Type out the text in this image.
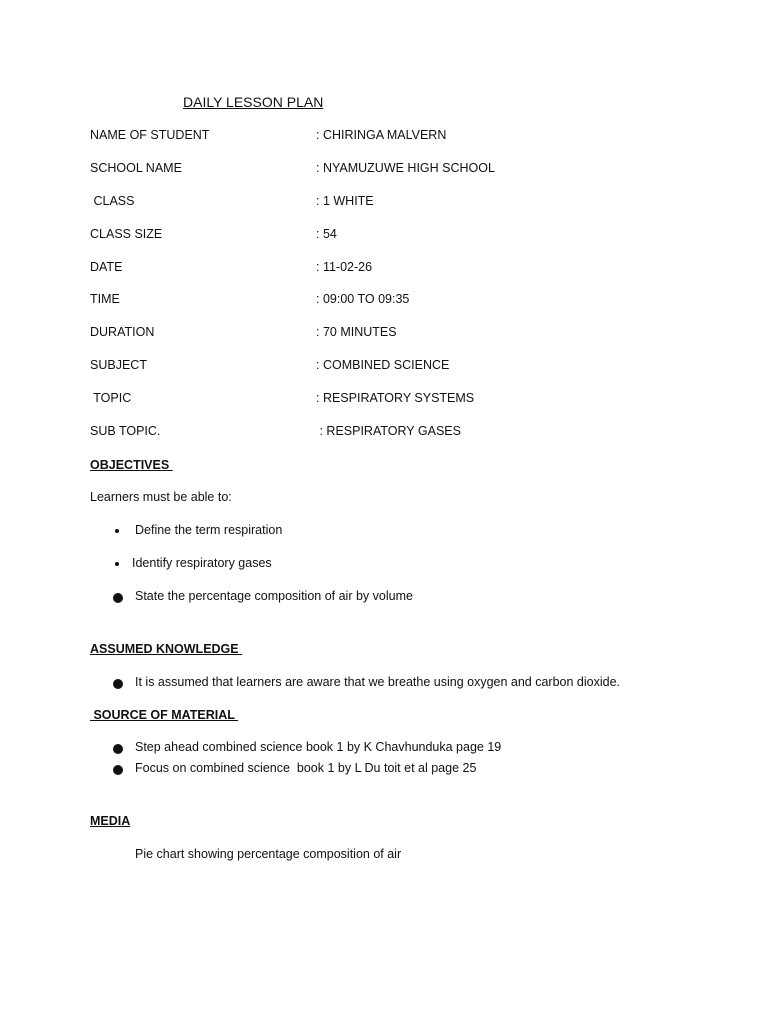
DAILY LESSON PLAN
NAME OF STUDENT	: CHIRINGA MALVERN
SCHOOL NAME	: NYAMUZUWE HIGH SCHOOL
CLASS	: 1 WHITE
CLASS SIZE	: 54
DATE	: 11-02-26
TIME	: 09:00 TO 09:35
DURATION	: 70 MINUTES
SUBJECT	: COMBINED SCIENCE
TOPIC	: RESPIRATORY SYSTEMS
SUB TOPIC.	: RESPIRATORY GASES
OBJECTIVES
Learners must be able to:
Define the term respiration
Identify respiratory gases
State the percentage composition of air by volume
ASSUMED KNOWLEDGE
It is assumed that learners are aware that we breathe using oxygen and carbon dioxide.
SOURCE OF MATERIAL
Step ahead combined science book 1 by K Chavhunduka page 19
Focus on combined science  book 1 by L Du toit et al page 25
MEDIA
Pie chart showing percentage composition of air
